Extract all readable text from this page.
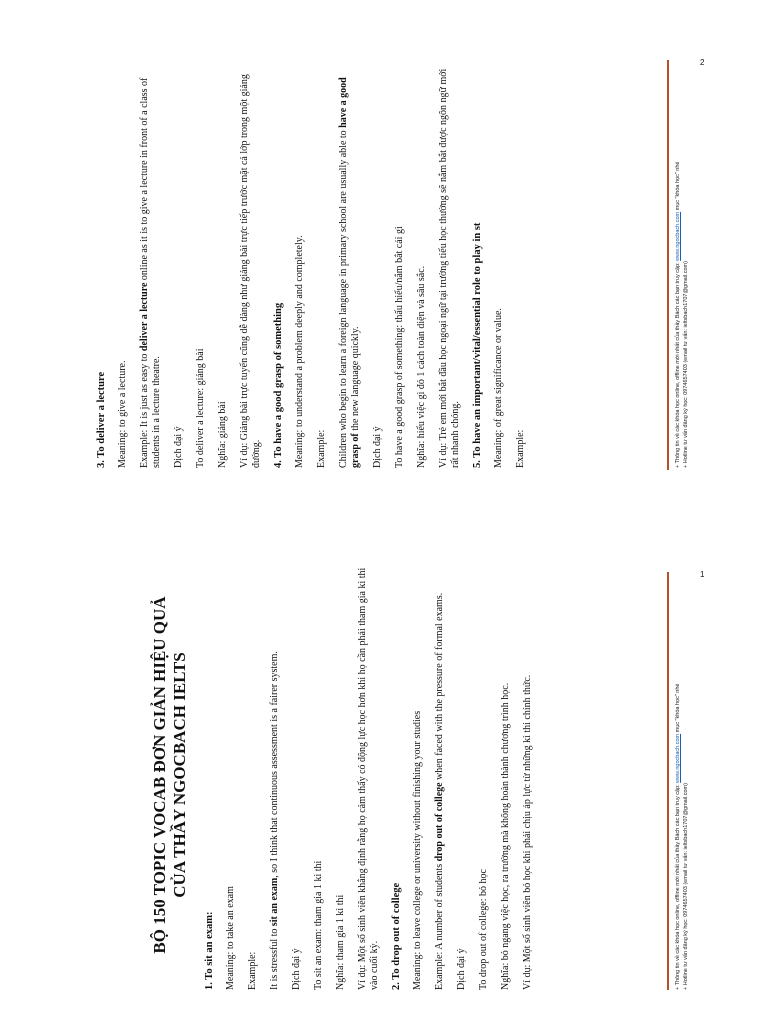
BỘ 150 TOPIC VOCAB ĐƠN GIẢN HIỆU QUẢ CỦA THẦY NGOCBACH IELTS
1. To sit an exam: Meaning: to take an exam Example: It is stressful to sit an exam, so I think that continuous assessment is a fairer system.
Dịch đại ý To sit an exam: tham gia 1 kì thi Nghĩa: tham gia 1 kì thi Ví dụ: Một số sinh viên khẳng định rằng họ cảm thấy có động lực học hơn khi họ cần phải tham gia kì thi vào cuối kỳ. 2. To drop out of college Meaning: to leave college or university without finishing your studies Example: A number of students drop out of college when faced with the pressure of formal exams.
Dịch đại ý To drop out of college: bỏ học Nghĩa: bỏ ngang việc học, ra trường mà không hoàn thành chương trình học. Ví dụ: Một số sinh viên bỏ học khi phải chịu áp lực từ những kì thi chính thức.	+ Thông tin về các khóa học online, offline mới nhất của thầy Bách các bạn truy cập: www.ngocbach.com mục "khóa học" nhé
+ Hotline tư vấn đăng ký học: 0974657403 (email tư vấn: ieltsbach1707@gmail.com)
1
3. To deliver a lecture Meaning: to give a lecture. Example: It is just as easy to deliver a lecture online as it is to give a lecture in front of a class of students in a lecture theatre. Dịch đại ý To deliver a lecture: giảng bài Nghĩa: giảng bài Ví dụ: Giảng bài trực tuyến cũng dễ dàng như giảng bài trực tiếp trước mặt cả lớp trong một giảng đường. 4. To have a good grasp of something Meaning: to understand a problem deeply and completely. Example: Children who begin to learn a foreign language in primary school are usually able to have a good grasp of the new language quickly.
Dịch đại ý To have a good grasp of something: thấu hiểu/nắm bắt cái gì Nghĩa: hiểu việc gì đó 1 cách toàn diện và sâu sắc. Ví dụ: Trẻ em mới bắt đầu học ngoại ngữ tại trường tiểu học thường sẽ nắm bắt được ngôn ngữ mới rất nhanh chóng. 5. To have an important/vital/essential role to play in st Meaning: of great significance or value. Example:	+ Thông tin về các khóa học online, offline mới nhất của thầy Bách các bạn truy cập: www.ngocbach.com mục "khóa học" nhé
+ Hotline tư vấn đăng ký học: 0974657403 (email tư vấn: ieltsbach1707@gmail.com)
2
